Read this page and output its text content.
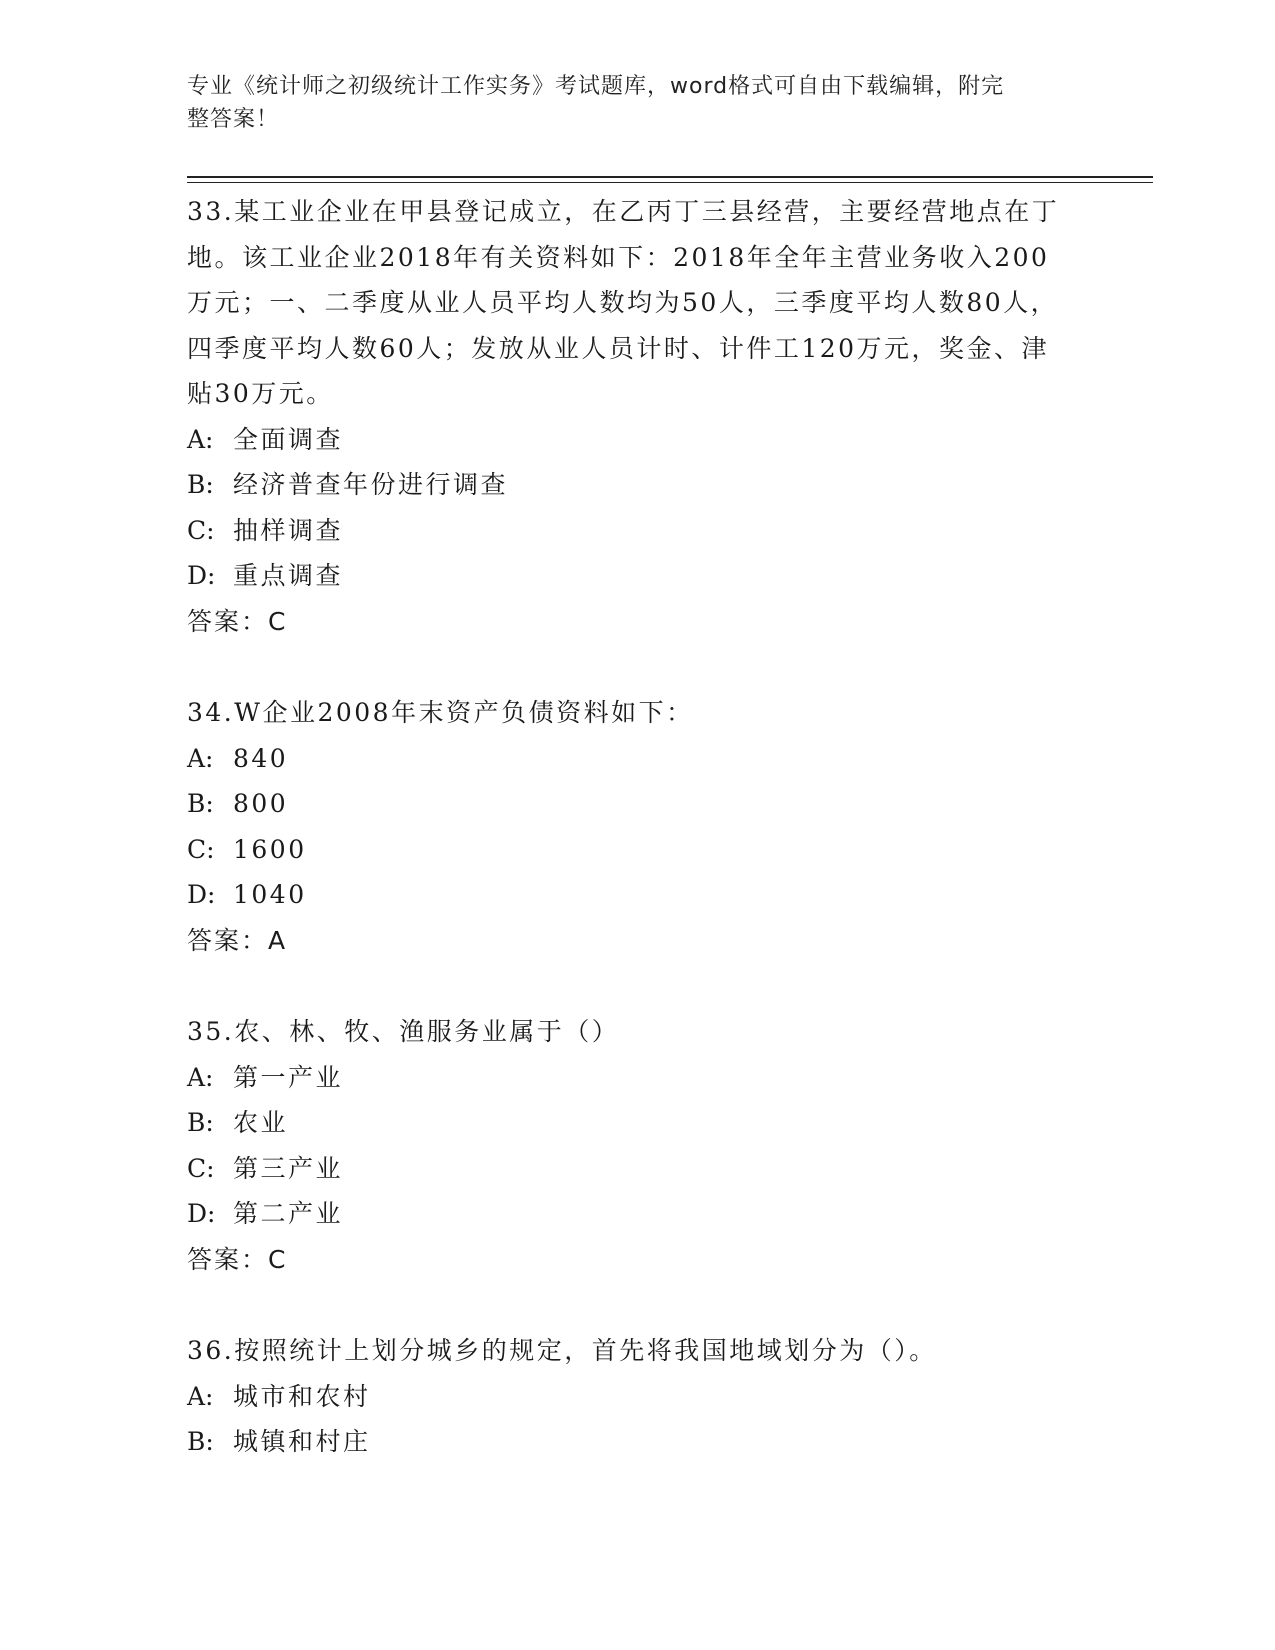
专业《统计师之初级统计工作实务》考试题库，word格式可自由下载编辑，附完
整答案！

33.某工业企业在甲县登记成立，在乙丙丁三县经营，主要经营地点在丁地。该工业企业2018年有关资料如下：2018年全年主营业务收入200万元；一、二季度从业人员平均人数均为50人，三季度平均人数80人，四季度平均人数60人；发放从业人员计时、计件工120万元，奖金、津贴30万元。

A: 全面调查
B: 经济普查年份进行调查
C: 抽样调查
D: 重点调查
答案：C

34.W企业2008年末资产负债资料如下：

A: 840
B: 800
C: 1600
D: 1040
答案：A

35.农、林、牧、渔服务业属于（）

A: 第一产业
B: 农业
C: 第三产业
D: 第二产业
答案：C

36.按照统计上划分城乡的规定，首先将我国地域划分为（）。

A: 城市和农村
B: 城镇和村庄
